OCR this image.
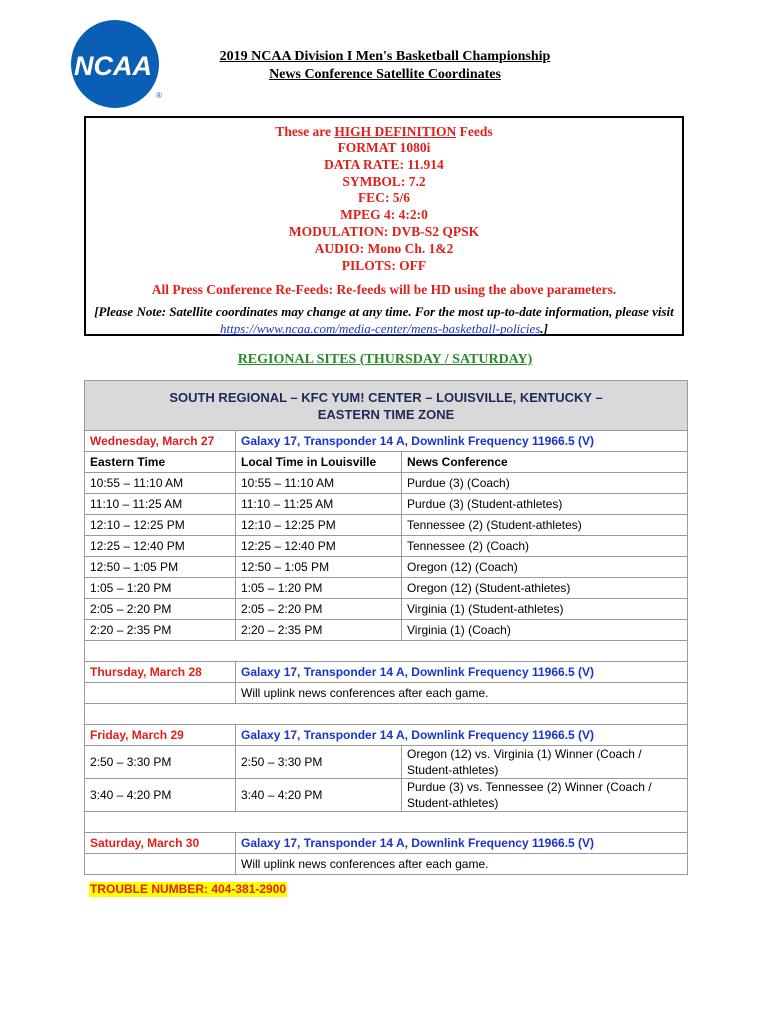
NCAA
®
2019 NCAA Division I Men's Basketball Championship
News Conference Satellite Coordinates
These are HIGH DEFINITION Feeds
FORMAT 1080i
DATA RATE: 11.914
SYMBOL: 7.2
FEC: 5/6
MPEG 4: 4:2:0
MODULATION: DVB-S2 QPSK
AUDIO: Mono Ch. 1&2
PILOTS: OFF
All Press Conference Re-Feeds: Re-feeds will be HD using the above parameters.
[Please Note: Satellite coordinates may change at any time. For the most up-to-date information, please visit https://www.ncaa.com/media-center/mens-basketball-policies.]
REGIONAL SITES (THURSDAY / SATURDAY)
SOUTH REGIONAL – KFC YUM! CENTER – LOUISVILLE, KENTUCKY –
EASTERN TIME ZONE		

Wednesday, March 27	Galaxy 17, Transponder 14 A, Downlink Frequency 11966.5 (V)	
Eastern Time	Local Time in Louisville	News Conference
10:55 – 11:10 AM	10:55 – 11:10 AM	Purdue (3) (Coach)
11:10 – 11:25 AM	11:10 – 11:25 AM	Purdue (3) (Student-athletes)
12:10 – 12:25 PM	12:10 – 12:25 PM	Tennessee (2) (Student-athletes)
12:25 – 12:40 PM	12:25 – 12:40 PM	Tennessee (2) (Coach)
12:50 – 1:05 PM	12:50 – 1:05 PM	Oregon (12) (Coach)
1:05 – 1:20 PM	1:05 – 1:20 PM	Oregon (12) (Student-athletes)
2:05 – 2:20 PM	2:05 – 2:20 PM	Virginia (1) (Student-athletes)
2:20 – 2:35 PM	2:20 – 2:35 PM	Virginia (1) (Coach)

Thursday, March 28	Galaxy 17, Transponder 14 A, Downlink Frequency 11966.5 (V)	
	Will uplink news conferences after each game.	

Friday, March 29	Galaxy 17, Transponder 14 A, Downlink Frequency 11966.5 (V)	
2:50 – 3:30 PM	2:50 – 3:30 PM	Oregon (12) vs. Virginia (1) Winner (Coach / Student-athletes)
3:40 – 4:20 PM	3:40 – 4:20 PM	Purdue (3) vs. Tennessee (2) Winner (Coach / Student-athletes)

Saturday, March 30	Galaxy 17, Transponder 14 A, Downlink Frequency 11966.5 (V)	
	Will uplink news conferences after each game.	
TROUBLE NUMBER: 404-381-2900
